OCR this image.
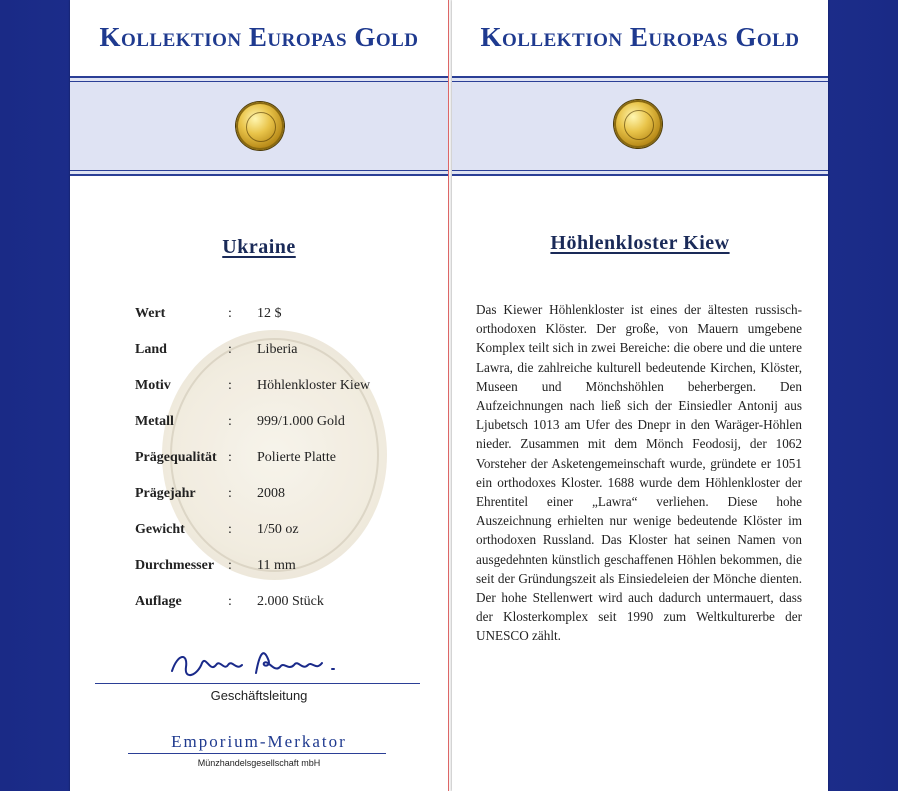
Kollektion Europas Gold
Ukraine
Wert	: 12 $
Land	: Liberia
Motiv	: Höhlenkloster Kiew
Metall	: 999/1.000 Gold
Prägequalität : Polierte Platte
Prägejahr : 2008
Gewicht	: 1/50 oz
Durchmesser : 11 mm
Auflage	: 2.000 Stück
Geschäftsleitung
Emporium-Merkator
Münzhandelsgesellschaft mbH
Kollektion Europas Gold
Höhlenkloster Kiew

Das Kiewer Höhlenkloster ist eines der ältesten russisch-orthodoxen Klöster. Der große, von Mauern umgebene Komplex teilt sich in zwei Bereiche: die obere und die untere Lawra, die zahlreiche kulturell bedeutende Kirchen, Klöster, Museen und Mönchshöhlen beherbergen. Den Aufzeichnungen nach ließ sich der Einsiedler Antonij aus Ljubetsch 1013 am Ufer des Dnepr in den Waräger-Höhlen nieder. Zusammen mit dem Mönch Feodosij, der 1062 Vorsteher der Asketengemeinschaft wurde, gründete er 1051 ein orthodoxes Kloster. 1688 wurde dem Höhlenkloster der Ehrentitel einer „Lawra“ verliehen. Diese hohe Auszeichnung erhielten nur wenige bedeutende Klöster im orthodoxen Russland. Das Kloster hat seinen Namen von ausgedehnten künstlich geschaffenen Höhlen bekommen, die seit der Gründungszeit als Einsiedeleien der Mönche dienten. Der hohe Stellenwert wird auch dadurch untermauert, dass der Klosterkomplex seit 1990 zum Weltkulturerbe der UNESCO zählt.
